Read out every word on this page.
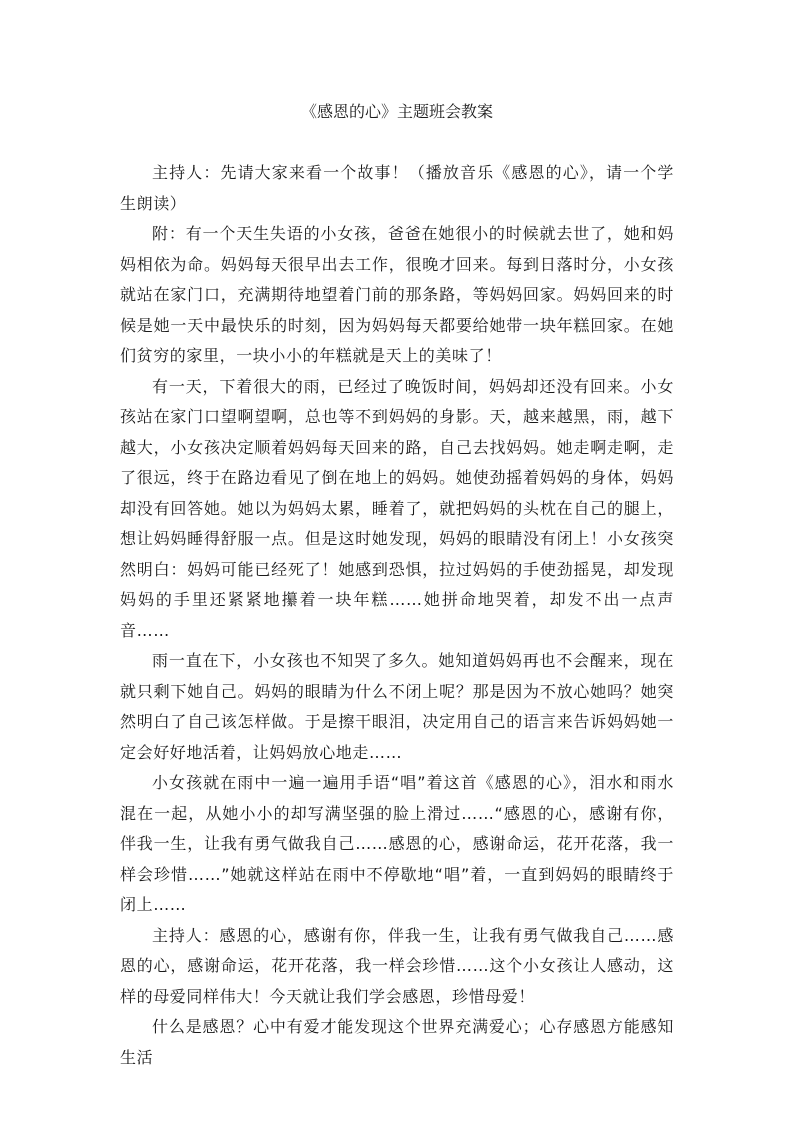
《感恩的心》主题班会教案

主持人：先请大家来看一个故事！（播放音乐《感恩的心》，请一个学生朗读）

附：有一个天生失语的小女孩，爸爸在她很小的时候就去世了，她和妈妈相依为命。妈妈每天很早出去工作，很晚才回来。每到日落时分，小女孩就站在家门口，充满期待地望着门前的那条路，等妈妈回家。妈妈回来的时候是她一天中最快乐的时刻，因为妈妈每天都要给她带一块年糕回家。在她们贫穷的家里，一块小小的年糕就是天上的美味了！

有一天，下着很大的雨，已经过了晚饭时间，妈妈却还没有回来。小女孩站在家门口望啊望啊，总也等不到妈妈的身影。天，越来越黑，雨，越下越大，小女孩决定顺着妈妈每天回来的路，自己去找妈妈。她走啊走啊，走了很远，终于在路边看见了倒在地上的妈妈。她使劲摇着妈妈的身体，妈妈却没有回答她。她以为妈妈太累，睡着了，就把妈妈的头枕在自己的腿上，想让妈妈睡得舒服一点。但是这时她发现，妈妈的眼睛没有闭上！小女孩突然明白：妈妈可能已经死了！她感到恐惧，拉过妈妈的手使劲摇晃，却发现妈妈的手里还紧紧地攥着一块年糕……她拼命地哭着，却发不出一点声音……

雨一直在下，小女孩也不知哭了多久。她知道妈妈再也不会醒来，现在就只剩下她自己。妈妈的眼睛为什么不闭上呢？那是因为不放心她吗？她突然明白了自己该怎样做。于是擦干眼泪，决定用自己的语言来告诉妈妈她一定会好好地活着，让妈妈放心地走……

小女孩就在雨中一遍一遍用手语“唱”着这首《感恩的心》，泪水和雨水混在一起，从她小小的却写满坚强的脸上滑过……“感恩的心，感谢有你，伴我一生，让我有勇气做我自己……感恩的心，感谢命运，花开花落，我一样会珍惜……”她就这样站在雨中不停歇地“唱”着，一直到妈妈的眼睛终于闭上……

主持人：感恩的心，感谢有你，伴我一生，让我有勇气做我自己……感恩的心，感谢命运，花开花落，我一样会珍惜……这个小女孩让人感动，这样的母爱同样伟大！今天就让我们学会感恩，珍惜母爱！

什么是感恩？心中有爱才能发现这个世界充满爱心；心存感恩方能感知生活
